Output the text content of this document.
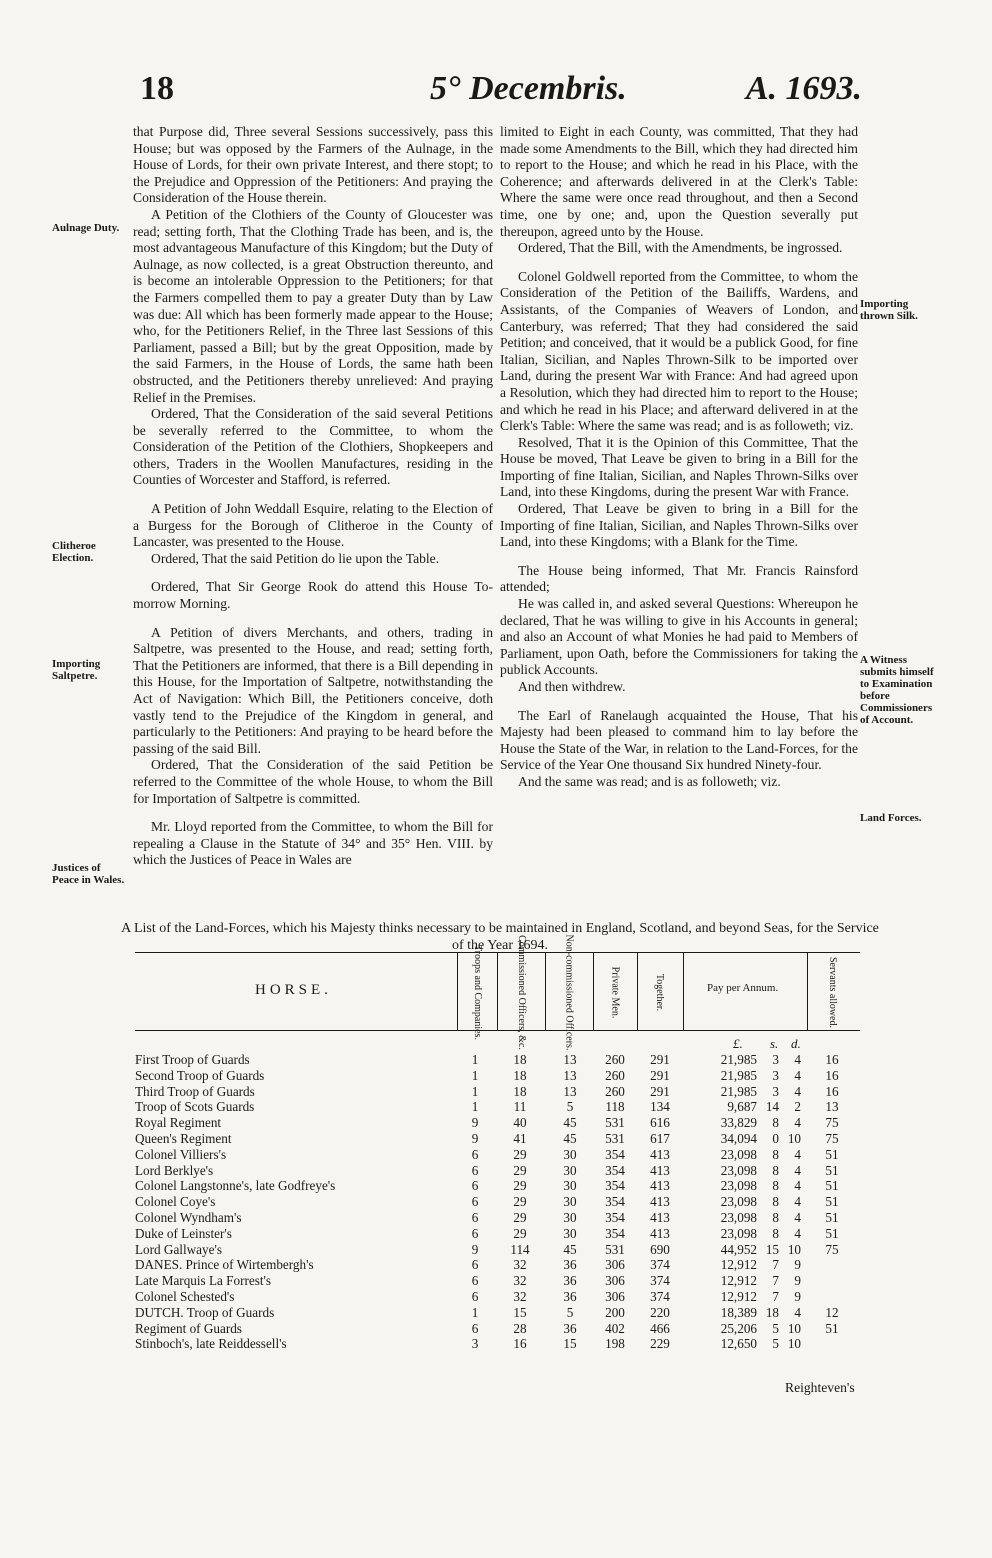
18	5° Decembris.	A. 1693.
Aulnage Duty.
Clitheroe Election.
Importing Saltpetre.
Justices of Peace in Wales.
Importing thrown Silk.
A Witness submits himself to Examination before Commissioners of Account.
Land Forces.

that Purpose did, Three several Sessions successively, pass this House; but was opposed by the Farmers of the Aulnage, in the House of Lords, for their own private Interest, and there stopt; to the Prejudice and Oppression of the Petitioners: And praying the Consideration of the House therein.

A Petition of the Clothiers of the County of Gloucester was read; setting forth, That the Clothing Trade has been, and is, the most advantageous Manufacture of this Kingdom; but the Duty of Aulnage, as now collected, is a great Obstruction thereunto, and is become an intolerable Oppression to the Petitioners; for that the Farmers compelled them to pay a greater Duty than by Law was due: All which has been formerly made appear to the House; who, for the Petitioners Relief, in the Three last Sessions of this Parliament, passed a Bill; but by the great Opposition, made by the said Farmers, in the House of Lords, the same hath been obstructed, and the Petitioners thereby unrelieved: And praying Relief in the Premises.

Ordered, That the Consideration of the said several Petitions be severally referred to the Committee, to whom the Consideration of the Petition of the Clothiers, Shopkeepers and others, Traders in the Woollen Manufactures, residing in the Counties of Worcester and Stafford, is referred.

A Petition of John Weddall Esquire, relating to the Election of a Burgess for the Borough of Clitheroe in the County of Lancaster, was presented to the House.

Ordered, That the said Petition do lie upon the Table.

Ordered, That Sir George Rook do attend this House To-morrow Morning.

A Petition of divers Merchants, and others, trading in Saltpetre, was presented to the House, and read; setting forth, That the Petitioners are informed, that there is a Bill depending in this House, for the Importation of Saltpetre, notwithstanding the Act of Navigation: Which Bill, the Petitioners conceive, doth vastly tend to the Prejudice of the Kingdom in general, and particularly to the Petitioners: And praying to be heard before the passing of the said Bill.

Ordered, That the Consideration of the said Petition be referred to the Committee of the whole House, to whom the Bill for Importation of Saltpetre is committed.

Mr. Lloyd reported from the Committee, to whom the Bill for repealing a Clause in the Statute of 34° and 35° Hen. VIII. by which the Justices of Peace in Wales are

limited to Eight in each County, was committed, That they had made some Amendments to the Bill, which they had directed him to report to the House; and which he read in his Place, with the Coherence; and afterwards delivered in at the Clerk's Table: Where the same were once read throughout, and then a Second time, one by one; and, upon the Question severally put thereupon, agreed unto by the House.

Ordered, That the Bill, with the Amendments, be ingrossed.

Colonel Goldwell reported from the Committee, to whom the Consideration of the Petition of the Bailiffs, Wardens, and Assistants, of the Companies of Weavers of London, and Canterbury, was referred; That they had considered the said Petition; and conceived, that it would be a publick Good, for fine Italian, Sicilian, and Naples Thrown-Silk to be imported over Land, during the present War with France: And had agreed upon a Resolution, which they had directed him to report to the House; and which he read in his Place; and afterward delivered in at the Clerk's Table: Where the same was read; and is as followeth; viz.

Resolved, That it is the Opinion of this Committee, That the House be moved, That Leave be given to bring in a Bill for the Importing of fine Italian, Sicilian, and Naples Thrown-Silks over Land, into these Kingdoms, during the present War with France.

Ordered, That Leave be given to bring in a Bill for the Importing of fine Italian, Sicilian, and Naples Thrown-Silks over Land, into these Kingdoms; with a Blank for the Time.

The House being informed, That Mr. Francis Rainsford attended;

He was called in, and asked several Questions: Whereupon he declared, That he was willing to give in his Accounts in general; and also an Account of what Monies he had paid to Members of Parliament, upon Oath, before the Commissioners for taking the publick Accounts.

And then withdrew.

The Earl of Ranelaugh acquainted the House, That his Majesty had been pleased to command him to lay before the House the State of the War, in relation to the Land-Forces, for the Service of the Year One thousand Six hundred Ninety-four.

And the same was read; and is as followeth; viz.

A List of the Land-Forces, which his Majesty thinks necessary to be maintained in England, Scotland, and beyond Seas, for the Service of the Year 1694.
HORSE.	Troops and Companies.	Commissioned Officers, &c.	Non-commissioned Officers.	Private Men.	Together.	Pay per Annum.	Servants allowed.
£. s. d.
First Troop of Guards	1	18	13	260	291	21,985	3	4	16
Second Troop of Guards	1	18	13	260	291	21,985	3	4	16
Third Troop of Guards	1	18	13	260	291	21,985	3	4	16
Troop of Scots Guards	1	11	5	118	134	9,687 14	2	13
Royal Regiment	9	40	45	531	616	33,829	8	4	75
Queen's Regiment	9	41	45	531	617	34,094	0 10	75
Colonel Villiers's	6	29	30	354	413	23,098	8	4	51
Lord Berklye's	6	29	30	354	413	23,098	8	4	51
Colonel Langstonne's, late Godfreye's	6	29	30	354	413	23,098	8	4	51
Colonel Coye's	6	29	30	354	413	23,098	8	4	51
Colonel Wyndham's	6	29	30	354	413	23,098	8	4	51
Duke of Leinster's	6	29	30	354	413	23,098	8	4	51
Lord Gallwaye's	9	114	45	531	690	44,952 15 10	75
DANES. Prince of Wirtembergh's	6	32	36	306	374	12,912	7	9
Late Marquis La Forrest's	6	32	36	306	374	12,912	7	9
Colonel Schested's	6	32	36	306	374	12,912	7	9
DUTCH. Troop of Guards	1	15	5	200	220	18,389 18	4	12
Regiment of Guards	6	28	36	402	466	25,206	5 10	51
Stinboch's, late Reiddessell's	3	16	15	198	229	12,650	5 10
Reighteven's
